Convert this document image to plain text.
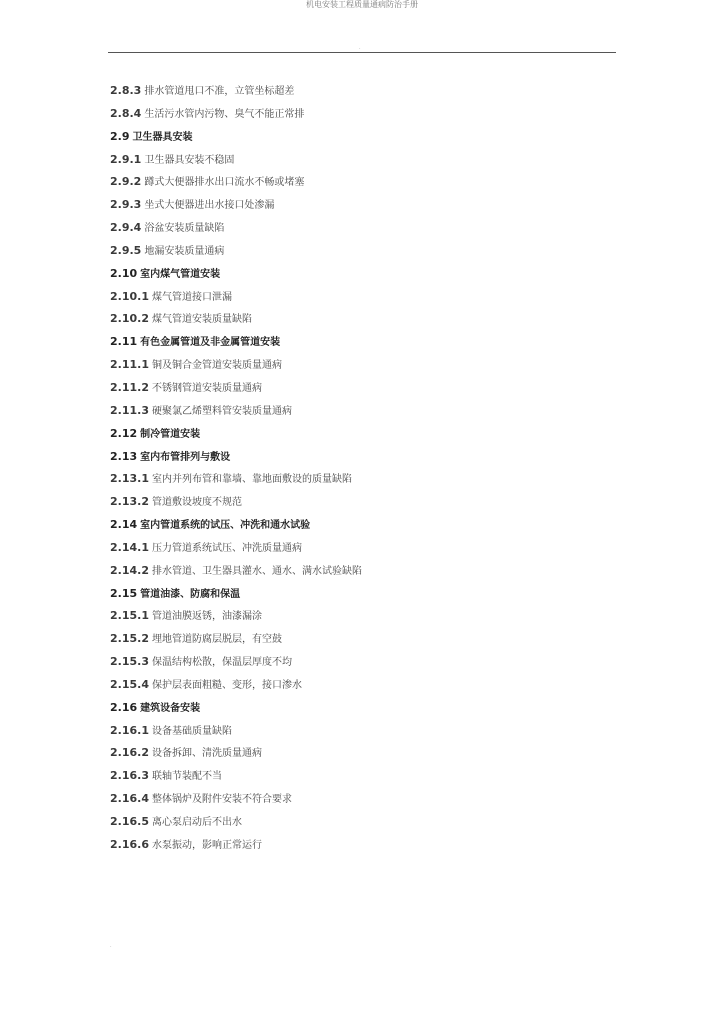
机电安装工程质量通病防治手册
·
2.8.3 排水管道甩口不准，立管坐标超差
2.8.4 生活污水管内污物、臭气不能正常排
2.9 卫生器具安装
2.9.1 卫生器具安装不稳固
2.9.2 蹲式大便器排水出口流水不畅或堵塞
2.9.3 坐式大便器进出水接口处渗漏
2.9.4 浴盆安装质量缺陷
2.9.5 地漏安装质量通病
2.10 室内煤气管道安装
2.10.1 煤气管道接口泄漏
2.10.2 煤气管道安装质量缺陷
2.11 有色金属管道及非金属管道安装
2.11.1 铜及铜合金管道安装质量通病
2.11.2 不锈钢管道安装质量通病
2.11.3 硬聚氯乙烯塑料管安装质量通病
2.12 制冷管道安装
2.13 室内布管排列与敷设
2.13.1 室内并列布管和靠墙、靠地面敷设的质量缺陷
2.13.2 管道敷设坡度不规范
2.14 室内管道系统的试压、冲洗和通水试验
2.14.1 压力管道系统试压、冲洗质量通病
2.14.2 排水管道、卫生器具灌水、通水、满水试验缺陷
2.15 管道油漆、防腐和保温
2.15.1 管道油膜返锈，油漆漏涂
2.15.2 埋地管道防腐层脱层，有空鼓
2.15.3 保温结构松散，保温层厚度不均
2.15.4 保护层表面粗糙、变形，接口渗水
2.16 建筑设备安装
2.16.1 设备基础质量缺陷
2.16.2 设备拆卸、清洗质量通病
2.16.3 联轴节装配不当
2.16.4 整体锅炉及附件安装不符合要求
2.16.5 离心泵启动后不出水
2.16.6 水泵振动，影响正常运行
·
